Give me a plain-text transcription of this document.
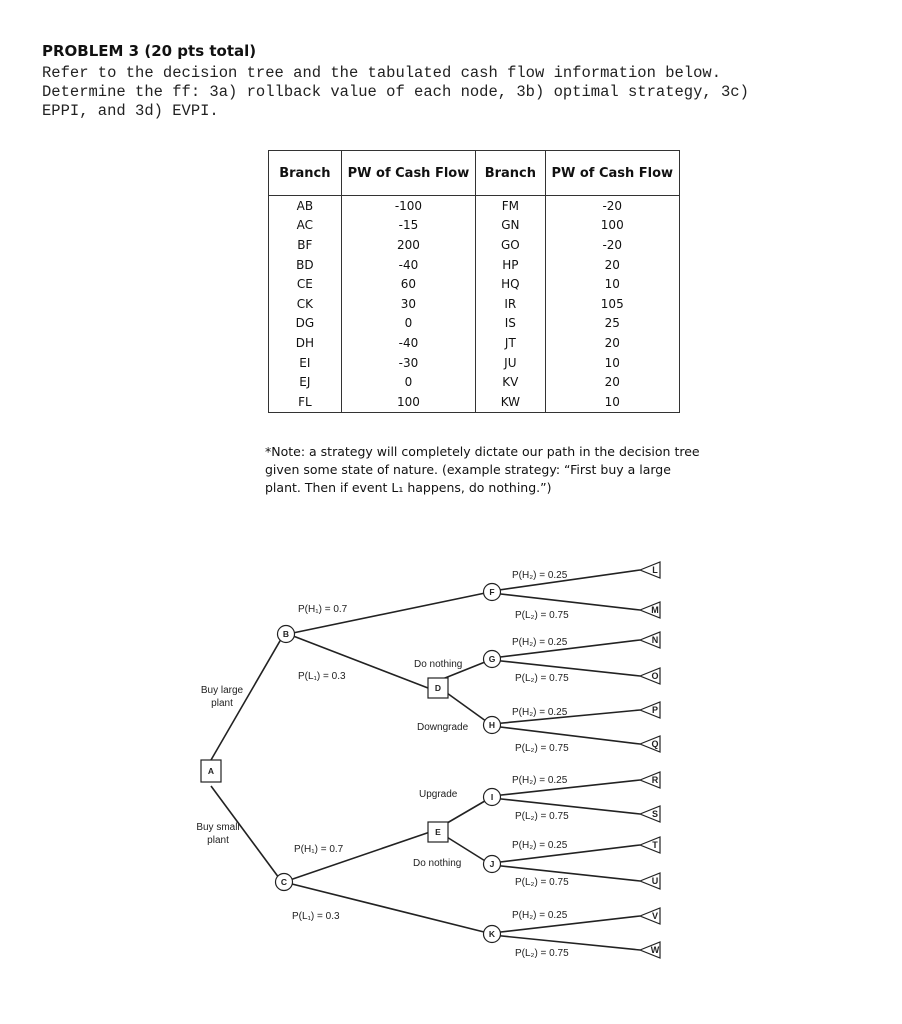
PROBLEM 3 (20 pts total)
Refer to the decision tree and the tabulated cash flow information below.
Determine the ff: 3a) rollback value of each node, 3b) optimal strategy, 3c)
EPPI, and 3d) EVPI.
Branch	PW of Cash Flow	Branch	PW of Cash Flow
AB	-100	FM	-20
AC	-15	GN	100
BF	200	GO	-20
BD	-40	HP	20
CE	60	HQ	10
CK	30	IR	105
DG	0	IS	25
DH	-40	JT	20
EI	-30	JU	10
EJ	0	KV	20
FL	100	KW	10
*Note: a strategy will completely dictate our path in the decision tree given some state of nature. (example strategy: “First buy a large plant. Then if event L₁ happens, do nothing.”)
A
D
E
B
C
F
G
H
I
J
K
L
M
N
O
P
Q
R
S
T
U
V
W
Buy large
plant
Buy small
plant
P(H₁) = 0.7
P(L₁) = 0.3
P(H₁) = 0.7
P(L₁) = 0.3
Do nothing
Downgrade
Upgrade
Do nothing
P(H₂) = 0.25
P(L₂) = 0.75
P(H₂) = 0.25
P(L₂) = 0.75
P(H₂) = 0.25
P(L₂) = 0.75
P(H₂) = 0.25
P(L₂) = 0.75
P(H₂) = 0.25
P(L₂) = 0.75
P(H₂) = 0.25
P(L₂) = 0.75
